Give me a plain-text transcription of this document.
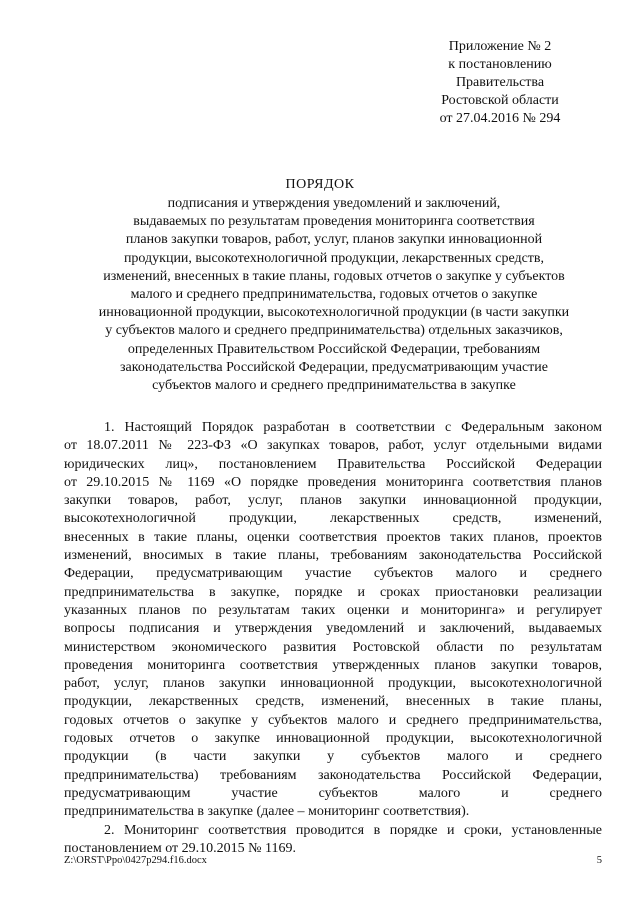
Приложение № 2
к постановлению
Правительства
Ростовской области
от 27.04.2016 № 294
ПОРЯДОК
подписания и утверждения уведомлений и заключений,
выдаваемых по результатам проведения мониторинга соответствия
планов закупки товаров, работ, услуг, планов закупки инновационной
продукции, высокотехнологичной продукции, лекарственных средств,
изменений, внесенных в такие планы, годовых отчетов о закупке у субъектов
малого и среднего предпринимательства, годовых отчетов о закупке
инновационной продукции, высокотехнологичной продукции (в части закупки
у субъектов малого и среднего предпринимательства) отдельных заказчиков,
определенных Правительством Российской Федерации, требованиям
законодательства Российской Федерации, предусматривающим участие
субъектов малого и среднего предпринимательства в закупке
1. Настоящий Порядок разработан в соответствии с Федеральным законом
от 18.07.2011 № 223-ФЗ «О закупках товаров, работ, услуг отдельными видами
юридических лиц», постановлением Правительства Российской Федерации
от 29.10.2015 № 1169 «О порядке проведения мониторинга соответствия планов
закупки товаров, работ, услуг, планов закупки инновационной продукции,
высокотехнологичной продукции, лекарственных средств, изменений,
внесенных в такие планы, оценки соответствия проектов таких планов, проектов
изменений, вносимых в такие планы, требованиям законодательства Российской
Федерации, предусматривающим участие субъектов малого и среднего
предпринимательства в закупке, порядке и сроках приостановки реализации
указанных планов по результатам таких оценки и мониторинга» и регулирует
вопросы подписания и утверждения уведомлений и заключений, выдаваемых
министерством экономического развития Ростовской области по результатам
проведения мониторинга соответствия утвержденных планов закупки товаров,
работ, услуг, планов закупки инновационной продукции, высокотехнологичной
продукции, лекарственных средств, изменений, внесенных в такие планы,
годовых отчетов о закупке у субъектов малого и среднего предпринимательства,
годовых отчетов о закупке инновационной продукции, высокотехнологичной
продукции (в части закупки у субъектов малого и среднего
предпринимательства) требованиям законодательства Российской Федерации,
предусматривающим участие субъектов малого и среднего
предпринимательства в закупке (далее – мониторинг соответствия).
2. Мониторинг соответствия проводится в порядке и сроки, установленные
постановлением от 29.10.2015 № 1169.
Z:\ORST\Ppo\0427p294.f16.docx	5
